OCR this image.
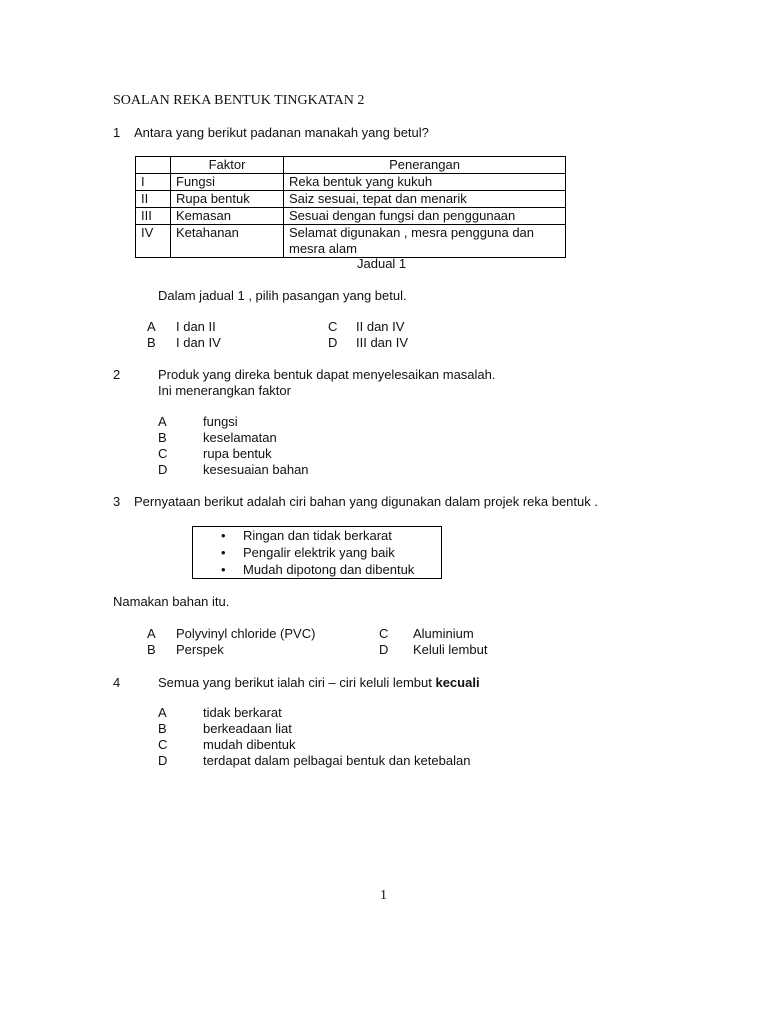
SOALAN REKA BENTUK TINGKATAN 2
1 Antara yang berikut padanan manakah yang betul?
	Faktor	Penerangan
I	Fungsi	Reka bentuk yang kukuh
II	Rupa bentuk	Saiz sesuai, tepat dan menarik
III	Kemasan	Sesuai dengan fungsi dan penggunaan
IV	Ketahanan	Selamat digunakan , mesra pengguna dan mesra alam
Jadual 1
Dalam jadual 1 , pilih pasangan yang betul.
A I dan II
B I dan IV
C II dan IV
D III dan IV
2	Produk yang direka bentuk dapat menyelesaikan masalah.
Ini menerangkan faktor
A	fungsi
B	keselamatan
C	rupa bentuk
D	kesesuaian bahan
3 Pernyataan berikut adalah ciri bahan yang digunakan dalam projek reka bentuk .
• Ringan dan tidak berkarat
• Pengalir elektrik yang baik
• Mudah dipotong dan dibentuk
Namakan bahan itu.
A Polyvinyl chloride (PVC)
B Perspek
C Aluminium
D Keluli lembut
4	Semua yang berikut ialah ciri – ciri keluli lembut kecuali
A	tidak berkarat
B	berkeadaan liat
C	mudah dibentuk
D	terdapat dalam pelbagai bentuk dan ketebalan
1
